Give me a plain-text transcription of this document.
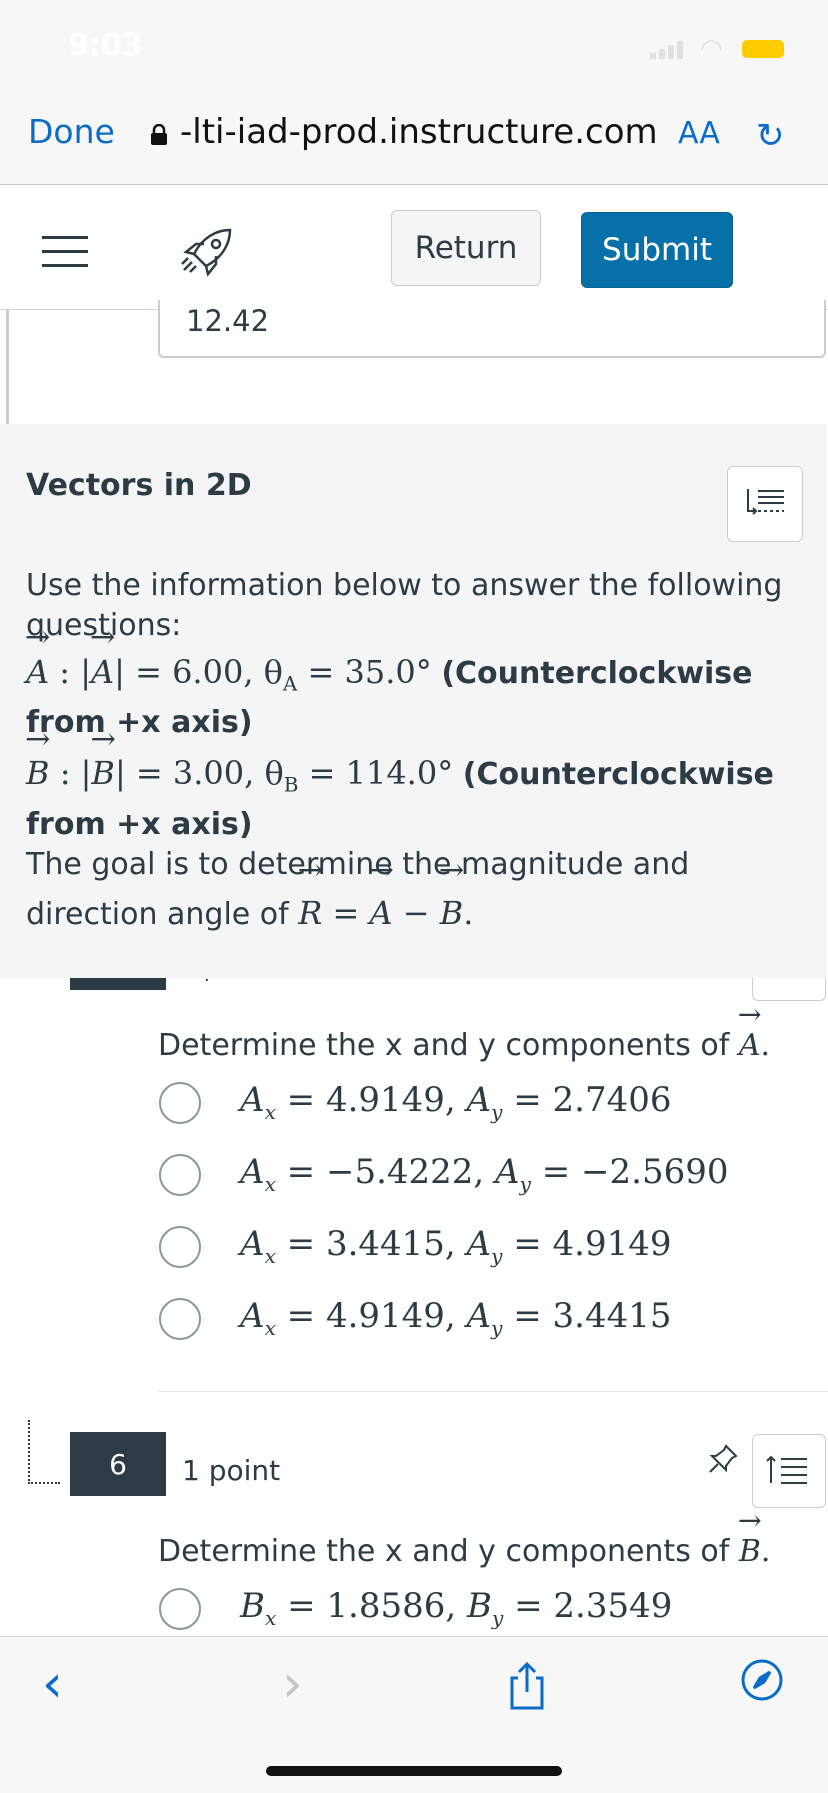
9:03	◠
Done -lti-iad-prod.instructure.com AA ↻
Return	Submit
12.42
Vectors in 2D
Use the information below to answer the following questions:
→ A : |→ A| = 6.00, $\theta_A = 35.0^\circ$ (Counterclockwise from +x axis)
→ B : |→ B| = 3.00, $\theta_B = 114.0^\circ$ (Counterclockwise from +x axis)
The goal is to determine the magnitude and direction angle of → R = → A − → B.
·
Determine the x and y components of → A.
$A_x = 4.9149$, $A_y = 2.7406$
$A_x = -5.4222$, $A_y = -2.5690$
$A_x = 3.4415$, $A_y = 4.9149$
$A_x = 4.9149$, $A_y = 3.4415$
6	1 point
Determine the x and y components of → B.
$B_x = 1.8586$, $B_y = 2.3549$
‹	›
